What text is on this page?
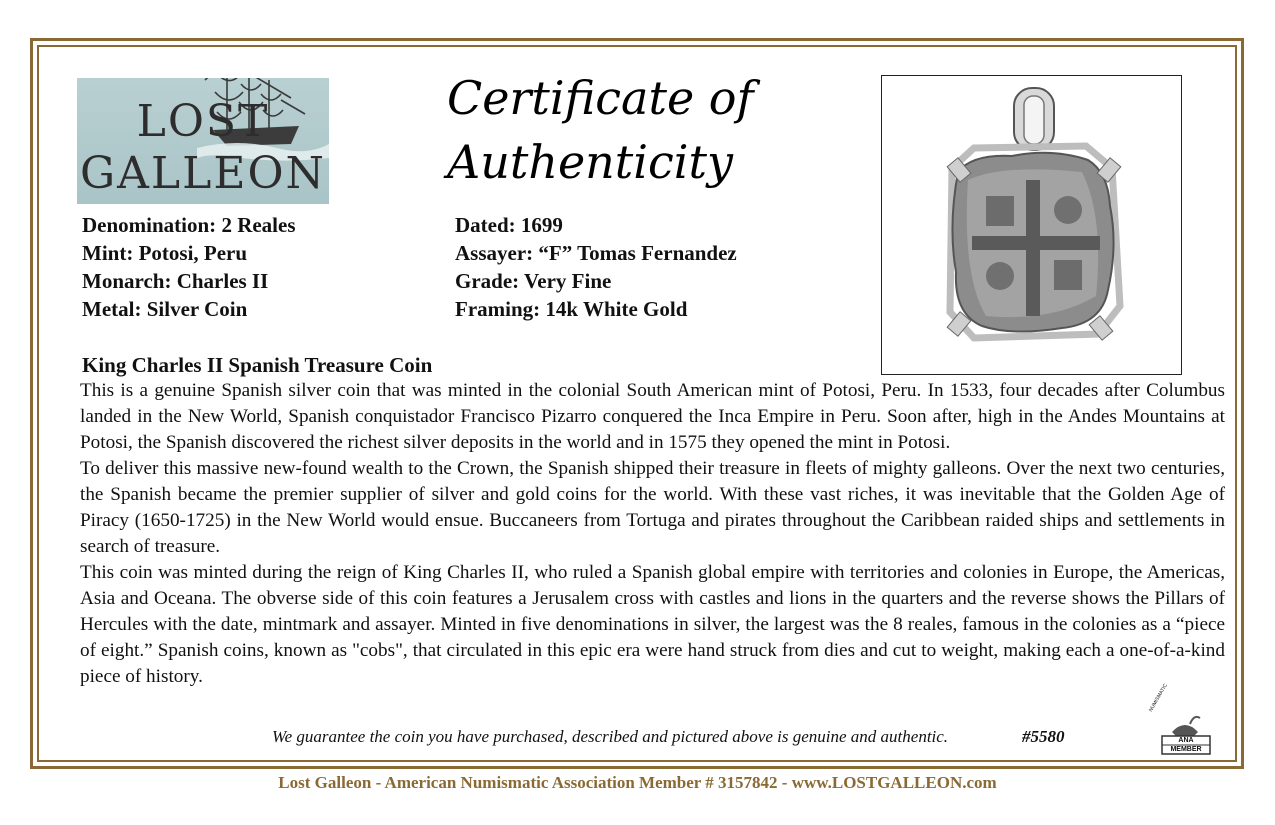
LOST
GALLEON
Certificate of
Authenticity
Denomination: 2 Reales
Mint: Potosi, Peru
Monarch: Charles II
Metal: Silver Coin
Dated: 1699
Assayer: “F” Tomas Fernandez
Grade: Very Fine
Framing: 14k White Gold
King Charles II Spanish Treasure Coin

This is a genuine Spanish silver coin that was minted in the colonial South American mint of Potosi, Peru. In 1533, four decades after Columbus landed in the New World, Spanish conquistador Francisco Pizarro conquered the Inca Empire in Peru. Soon after, high in the Andes Mountains at Potosi, the Spanish discovered the richest silver deposits in the world and in 1575 they opened the mint in Potosi.

To deliver this massive new-found wealth to the Crown, the Spanish shipped their treasure in fleets of mighty galleons. Over the next two centuries, the Spanish became the premier supplier of silver and gold coins for the world. With these vast riches, it was inevitable that the Golden Age of Piracy (1650-1725) in the New World would ensue. Buccaneers from Tortuga and pirates throughout the Caribbean raided ships and settlements in search of treasure.

This coin was minted during the reign of King Charles II, who ruled a Spanish global empire with territories and colonies in Europe, the Americas, Asia and Oceana. The obverse side of this coin features a Jerusalem cross with castles and lions in the quarters and the reverse shows the Pillars of Hercules with the date, mintmark and assayer. Minted in five denominations in silver, the largest was the 8 reales, famous in the colonies as a “piece of eight.” Spanish coins, known as "cobs", that circulated in this epic era were hand struck from dies and cut to weight, making each a one-of-a-kind piece of history.

We guarantee the coin you have purchased, described and pictured above is genuine and authentic.	#5580	ANA
MEMBER
NUMISMATIC
Lost Galleon - American Numismatic Association Member # 3157842 - www.LOSTGALLEON.com
